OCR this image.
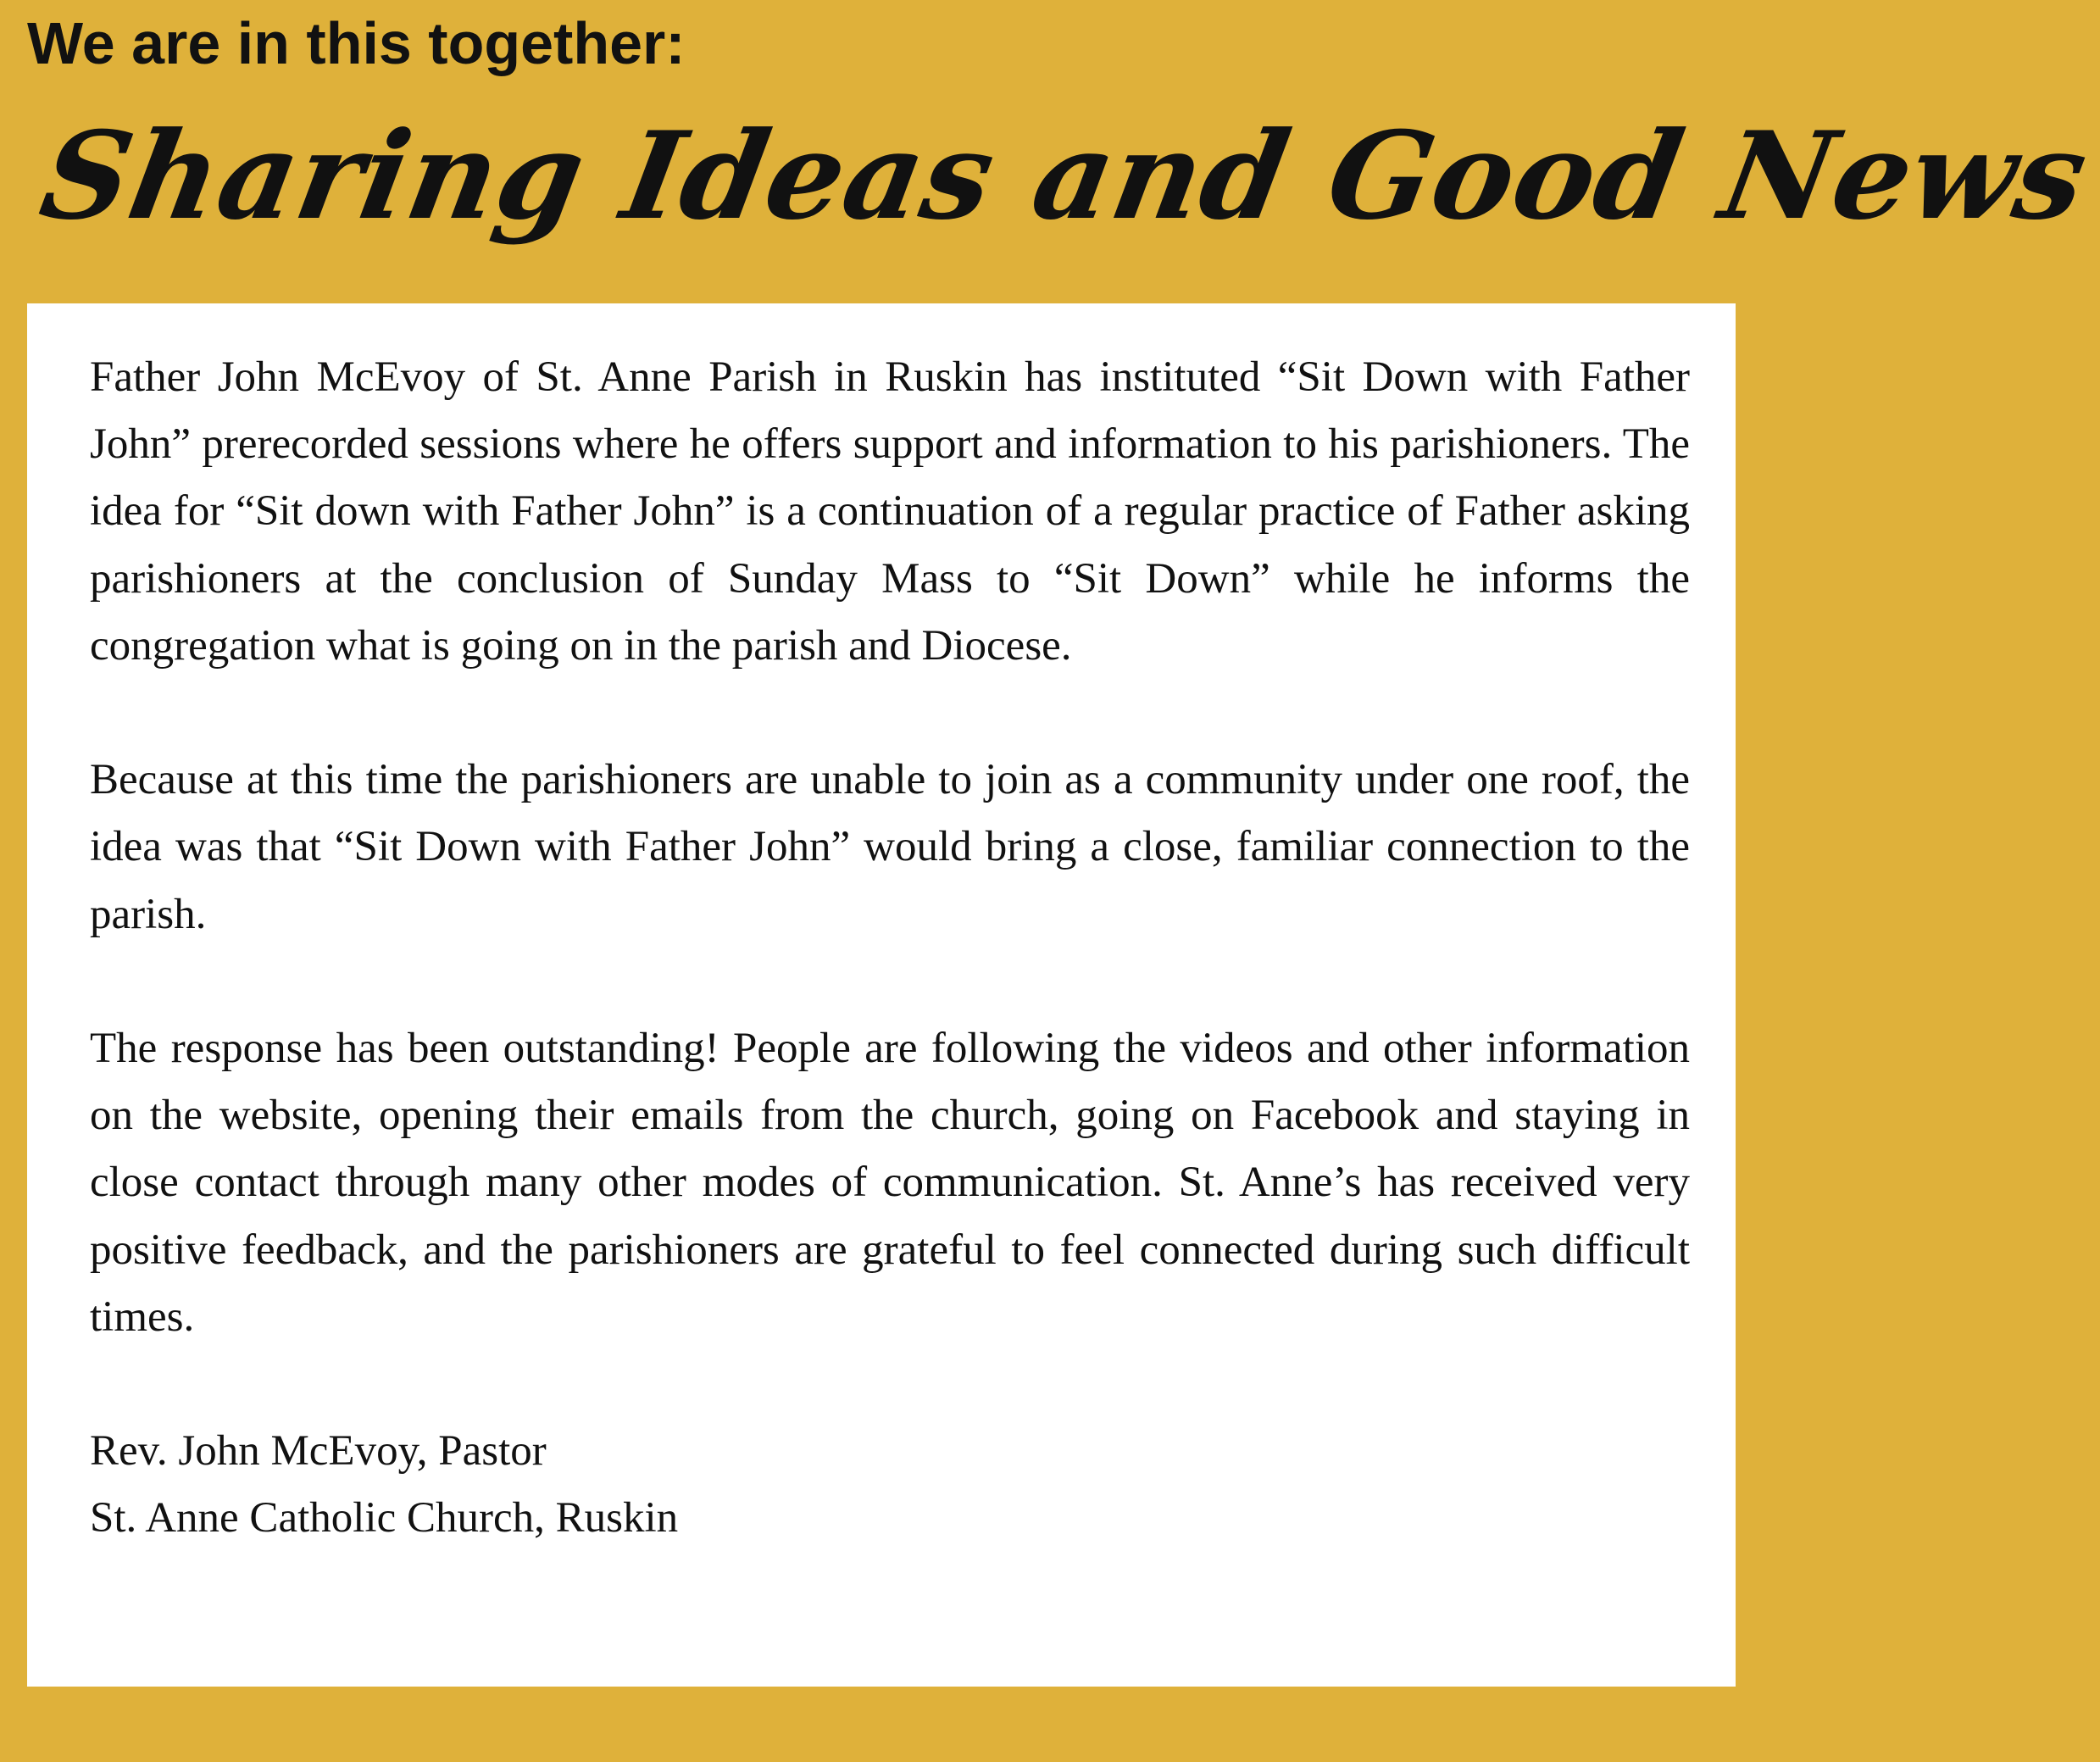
We are in this together:
Sharing Ideas and Good News

Father John McEvoy of St. Anne Parish in Ruskin has instituted “Sit Down with Father John” prerecorded sessions where he offers support and information to his parishioners. The idea for “Sit down with Father John” is a continuation of a regular practice of Father asking parishioners at the conclusion of Sunday Mass to “Sit Down” while he informs the congregation what is going on in the parish and Diocese.

Because at this time the parishioners are unable to join as a community under one roof, the idea was that “Sit Down with Father John” would bring a close, familiar connection to the parish.

The response has been outstanding! People are following the videos and other information on the website, opening their emails from the church, going on Facebook and staying in close contact through many other modes of communication. St. Anne’s has received very positive feedback, and the parishioners are grateful to feel connected during such difficult times.

Rev. John McEvoy, Pastor
St. Anne Catholic Church, Ruskin
